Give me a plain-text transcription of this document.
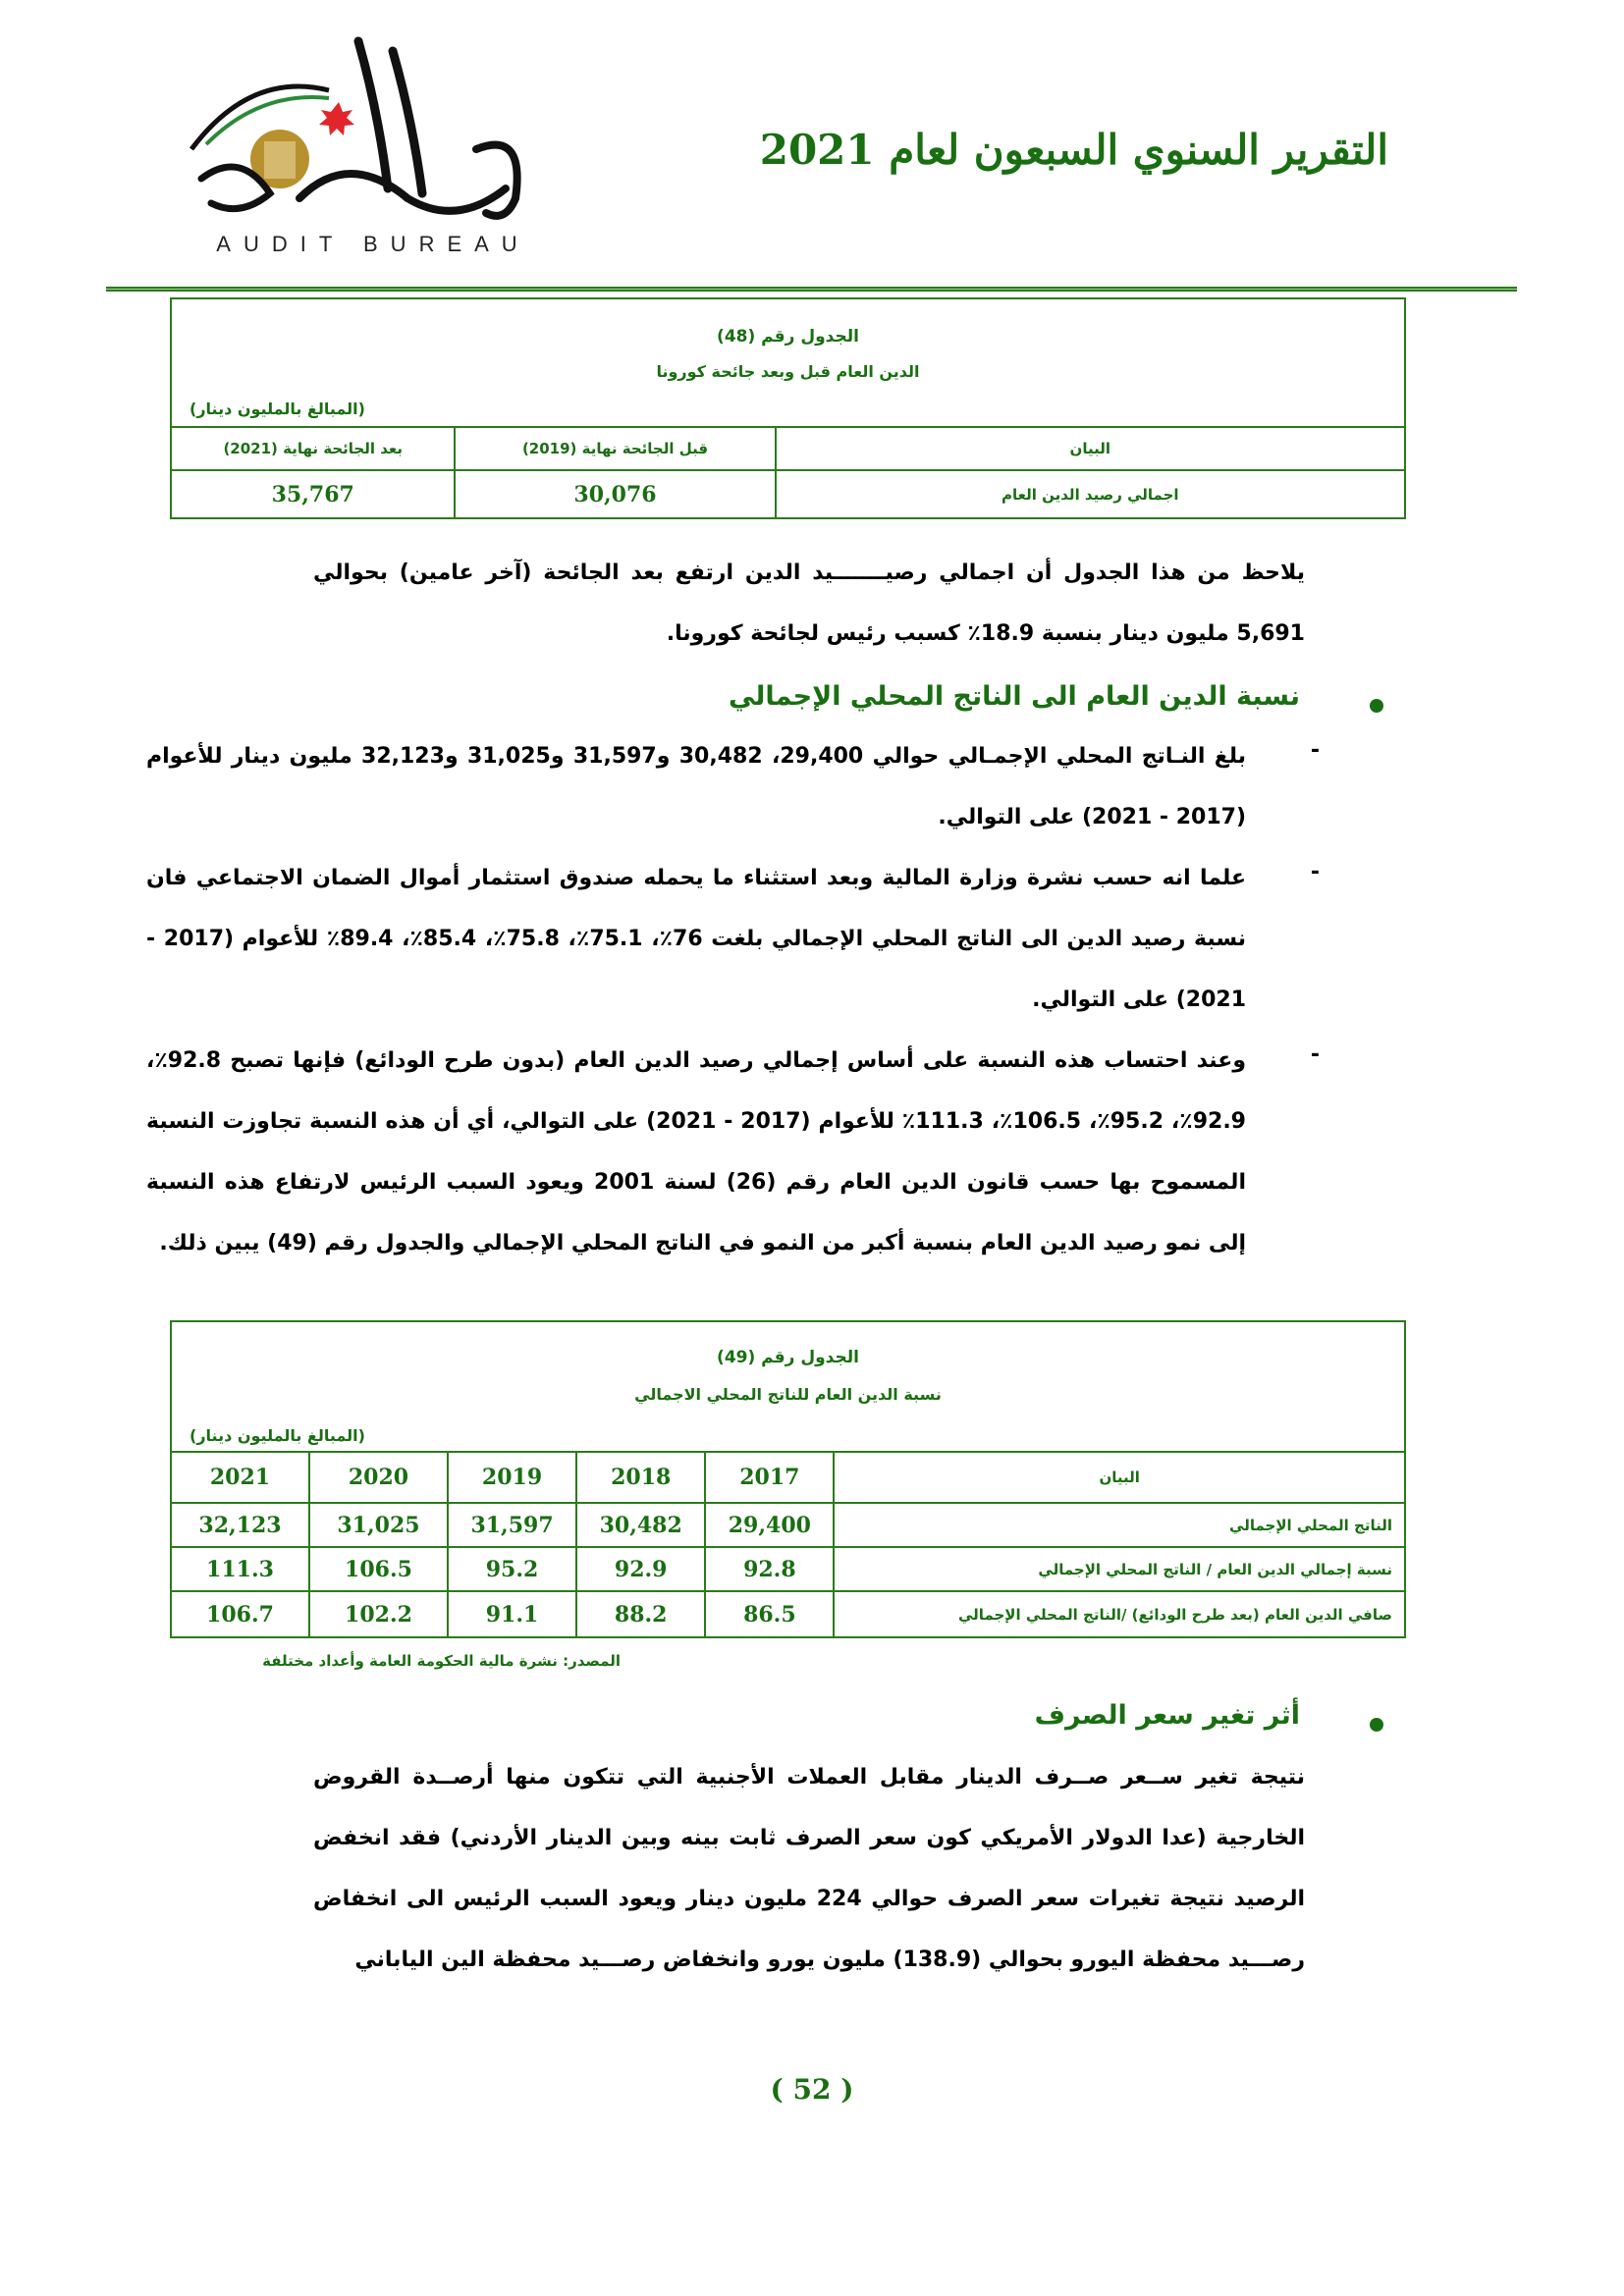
AUDIT BUREAU
التقرير السنوي السبعون لعام 2021
الجدول رقم (48)
الدين العام قبل وبعد جائحة كورونا
(المبالغ بالمليون دينار)		

البيان	قبل الجائحة نهاية (2019)	بعد الجائحة نهاية (2021)
اجمالي رصيد الدين العام	30,076	35,767
يلاحظ من هذا الجدول أن اجمالي رصيـــــــيد الدين ارتفع بعد الجائحة (آخر عامين) بحوالي 5,691 مليون دينار بنسبة 18.9٪ كسبب رئيس لجائحة كورونا.
نسبة الدين العام الى الناتج المحلي الإجمالي
-
بلغ النـاتج المحلي الإجمـالي حوالي 29,400، 30,482 و31,597 و31,025 و32,123 مليون دينار للأعوام (2017 - 2021) على التوالي.
-
علما انه حسب نشرة وزارة المالية وبعد استثناء ما يحمله صندوق استثمار أموال الضمان الاجتماعي فان نسبة رصيد الدين الى الناتج المحلي الإجمالي بلغت 76٪، 75.1٪، 75.8٪، 85.4٪، 89.4٪ للأعوام (2017 - 2021) على التوالي.
-
وعند احتساب هذه النسبة على أساس إجمالي رصيد الدين العام (بدون طرح الودائع) فإنها تصبح 92.8٪، 92.9٪، 95.2٪، 106.5٪، 111.3٪ للأعوام (2017 - 2021) على التوالي، أي أن هذه النسبة تجاوزت النسبة المسموح بها حسب قانون الدين العام رقم (26) لسنة 2001 ويعود السبب الرئيس لارتفاع هذه النسبة إلى نمو رصيد الدين العام بنسبة أكبر من النمو في الناتج المحلي الإجمالي والجدول رقم (49) يبين ذلك.
الجدول رقم (49)
نسبة الدين العام للناتج المحلي الاجمالي
(المبالغ بالمليون دينار)					

البيان	2017	2018	2019	2020	2021
الناتج المحلي الإجمالي	29,400	30,482	31,597	31,025	32,123
نسبة إجمالي الدين العام / الناتج المحلي الإجمالي	92.8	92.9	95.2	106.5	111.3
صافي الدين العام (بعد طرح الودائع) /الناتج المحلي الإجمالي	86.5	88.2	91.1	102.2	106.7
المصدر: نشرة مالية الحكومة العامة وأعداد مختلفة
أثر تغير سعر الصرف
نتيجة تغير ســعر صــرف الدينار مقابل العملات الأجنبية التي تتكون منها أرصــدة القروض الخارجية (عدا الدولار الأمريكي كون سعر الصرف ثابت بينه وبين الدينار الأردني) فقد انخفض الرصيد نتيجة تغيرات سعر الصرف حوالي 224 مليون دينار ويعود السبب الرئيس الى انخفاض رصـــيد محفظة اليورو بحوالي (138.9) مليون يورو وانخفاض رصـــيد محفظة الين الياباني
( 52 )
